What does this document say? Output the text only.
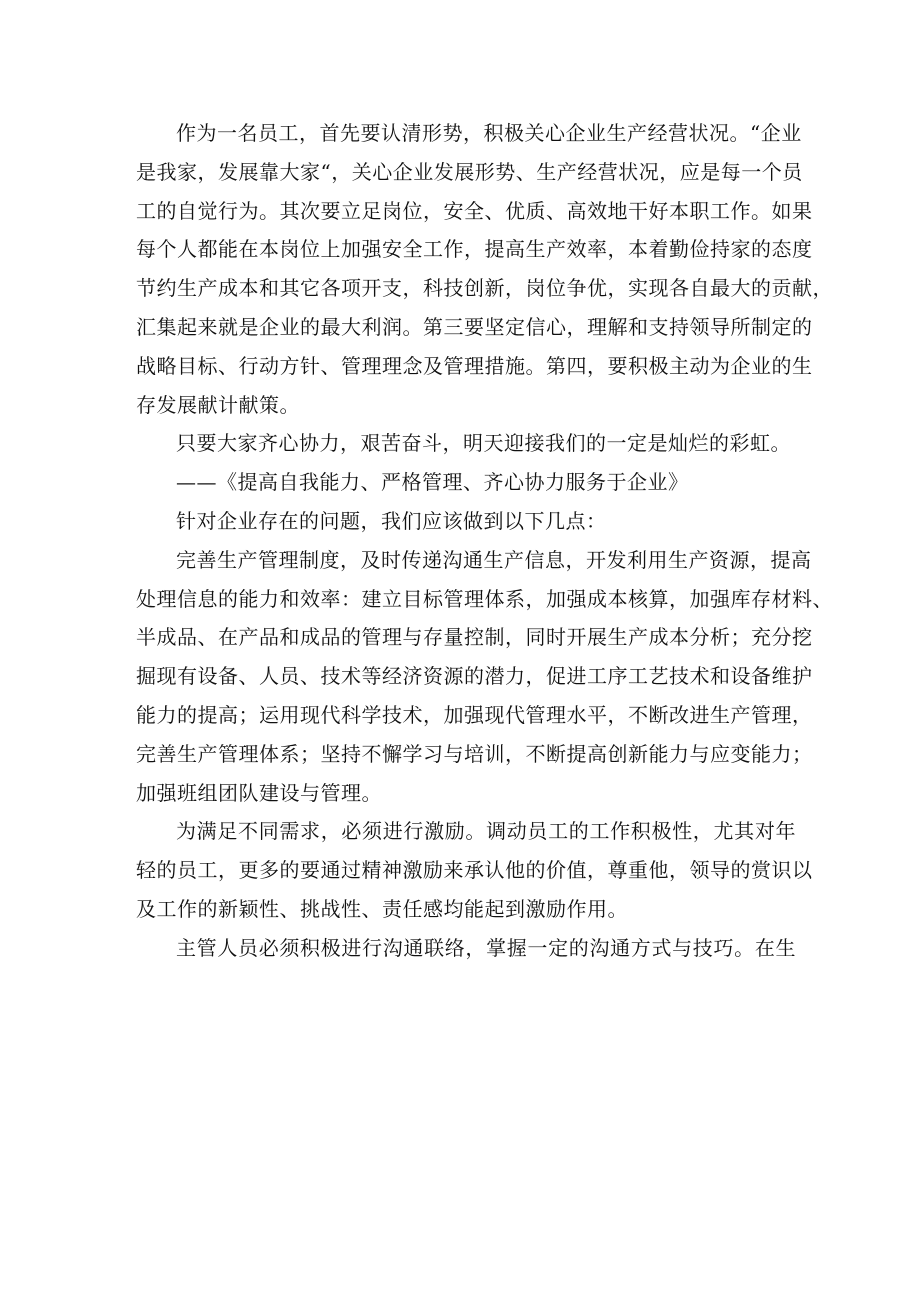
作为一名员工，首先要认清形势，积极关心企业生产经营状况。“企业
是我家，发展靠大家“，关心企业发展形势、生产经营状况，应是每一个员
工的自觉行为。其次要立足岗位，安全、优质、高效地干好本职工作。如果
每个人都能在本岗位上加强安全工作，提高生产效率，本着勤俭持家的态度
节约生产成本和其它各项开支，科技创新，岗位争优，实现各自最大的贡献，
汇集起来就是企业的最大利润。第三要坚定信心，理解和支持领导所制定的
战略目标、行动方针、管理理念及管理措施。第四，要积极主动为企业的生
存发展献计献策。

只要大家齐心协力，艰苦奋斗，明天迎接我们的一定是灿烂的彩虹。

——《提高自我能力、严格管理、齐心协力服务于企业》

针对企业存在的问题，我们应该做到以下几点：

完善生产管理制度，及时传递沟通生产信息，开发利用生产资源，提高
处理信息的能力和效率：建立目标管理体系，加强成本核算，加强库存材料、
半成品、在产品和成品的管理与存量控制，同时开展生产成本分析；充分挖
掘现有设备、人员、技术等经济资源的潜力，促进工序工艺技术和设备维护
能力的提高；运用现代科学技术，加强现代管理水平，不断改进生产管理，
完善生产管理体系；坚持不懈学习与培训，不断提高创新能力与应变能力；
加强班组团队建设与管理。

为满足不同需求，必须进行激励。调动员工的工作积极性，尤其对年
轻的员工，更多的要通过精神激励来承认他的价值，尊重他，领导的赏识以
及工作的新颖性、挑战性、责任感均能起到激励作用。

主管人员必须积极进行沟通联络，掌握一定的沟通方式与技巧。在生
